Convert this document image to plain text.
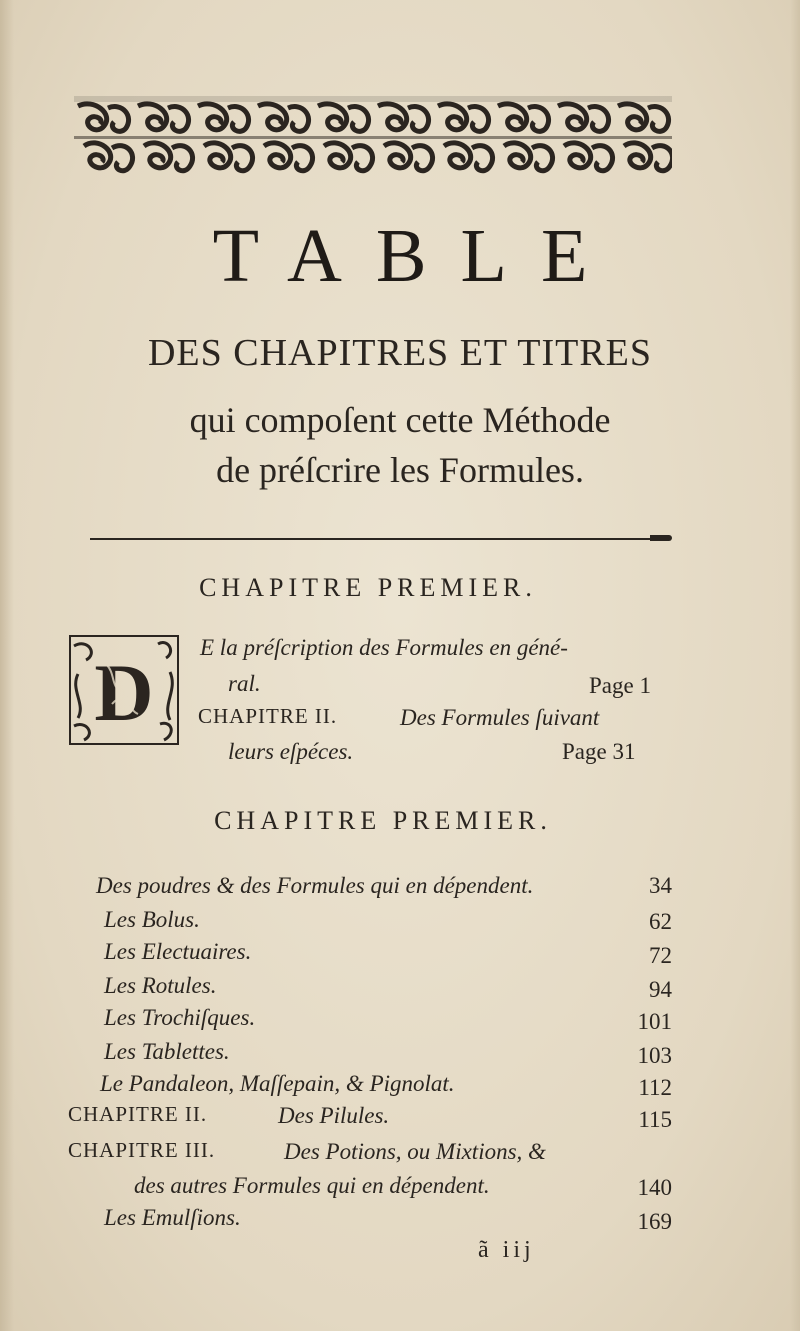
TABLE
DES CHAPITRES ET TITRES
qui compoſent cette Méthode
de préſcrire les Formules.
CHAPITRE PREMIER.
D E la préſcription des Formules en géné-
ral.	Page 1
CHAPITRE II.	Des Formules ſuivant
leurs eſpéces.	Page 31
CHAPITRE PREMIER.
Des poudres & des Formules qui en dépendent.	34
Les Bolus.	62
Les Electuaires.	72
Les Rotules.	94
Les Trochiſques.	101
Les Tablettes.	103
Le Pandaleon, Maſſepain, & Pignolat.	112
CHAPITRE II.	Des Pilules.	115
CHAPITRE III.	Des Potions, ou Mixtions, &
des autres Formules qui en dépendent.	140
Les Emulſions.	169
ã iij
